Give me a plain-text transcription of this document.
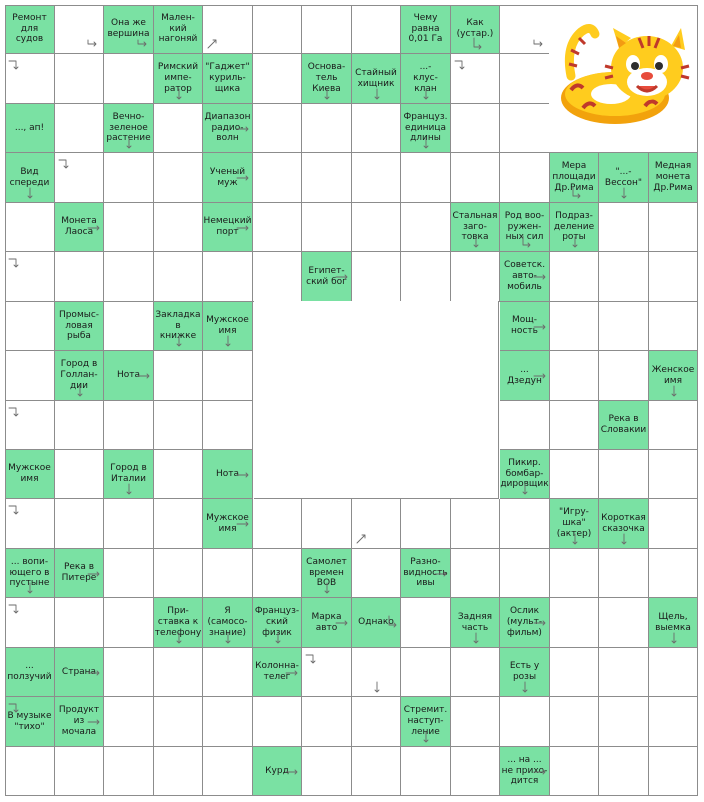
Ремонт
для
судов
Она же
вершина
Мален-
кий
нагоняй
Чему
равна
0,01 Га
Как
(устар.)
Римский
импе-
ратор
"Гаджет"
куриль-
щика
Основа-
тель
Киева
Стайный
хищник
...-
клус-
клан
..., ап!
Вечно-
зеленое
растение
Диапазон
радио-
волн
Француз.
единица
длины
Вид
спереди
Ученый
муж
Мера
площади
Др.Рима
"...-
Вессон"
Медная
монета
Др.Рима
Монета
Лаоса
Немецкий
порт
Стальная
заго-
товка
Род воо-
ружен-
ных сил
Подраз-
деление
роты
Египет-
ский бог
Советск.
авто-
мобиль
Промыс-
ловая
рыба
Закладка
в
книжке
Мужское
имя
Мощ-
ность
Город в
Голлан-
дии
Нота
...
Дзедун
Женское
имя
Река в
Словакии
Мужское
имя
Город в
Италии
Нота
Пикир.
бомбар-
дировщик
Мужское
имя
"Игру-
шка"
(актер)
Короткая
сказочка
... вопи-
ющего в
пустыне
Река в
Питере
Самолет
времен
ВОВ
Разно-
видность
ивы
При-
ставка к
телефону
Я
(самосо-
знание)
Француз-
ский
физик
Марка
авто
Однако
Задняя
часть
Ослик
(мульт-
фильм)
Щель,
выемка
...
ползучий
Страна
Колонна-
телег
Есть у
розы
В музыке
"тихо"
Продукт
из
мочала
Стремит.
наступ-
ление
Курд
... на ...
не прихо-
дится
